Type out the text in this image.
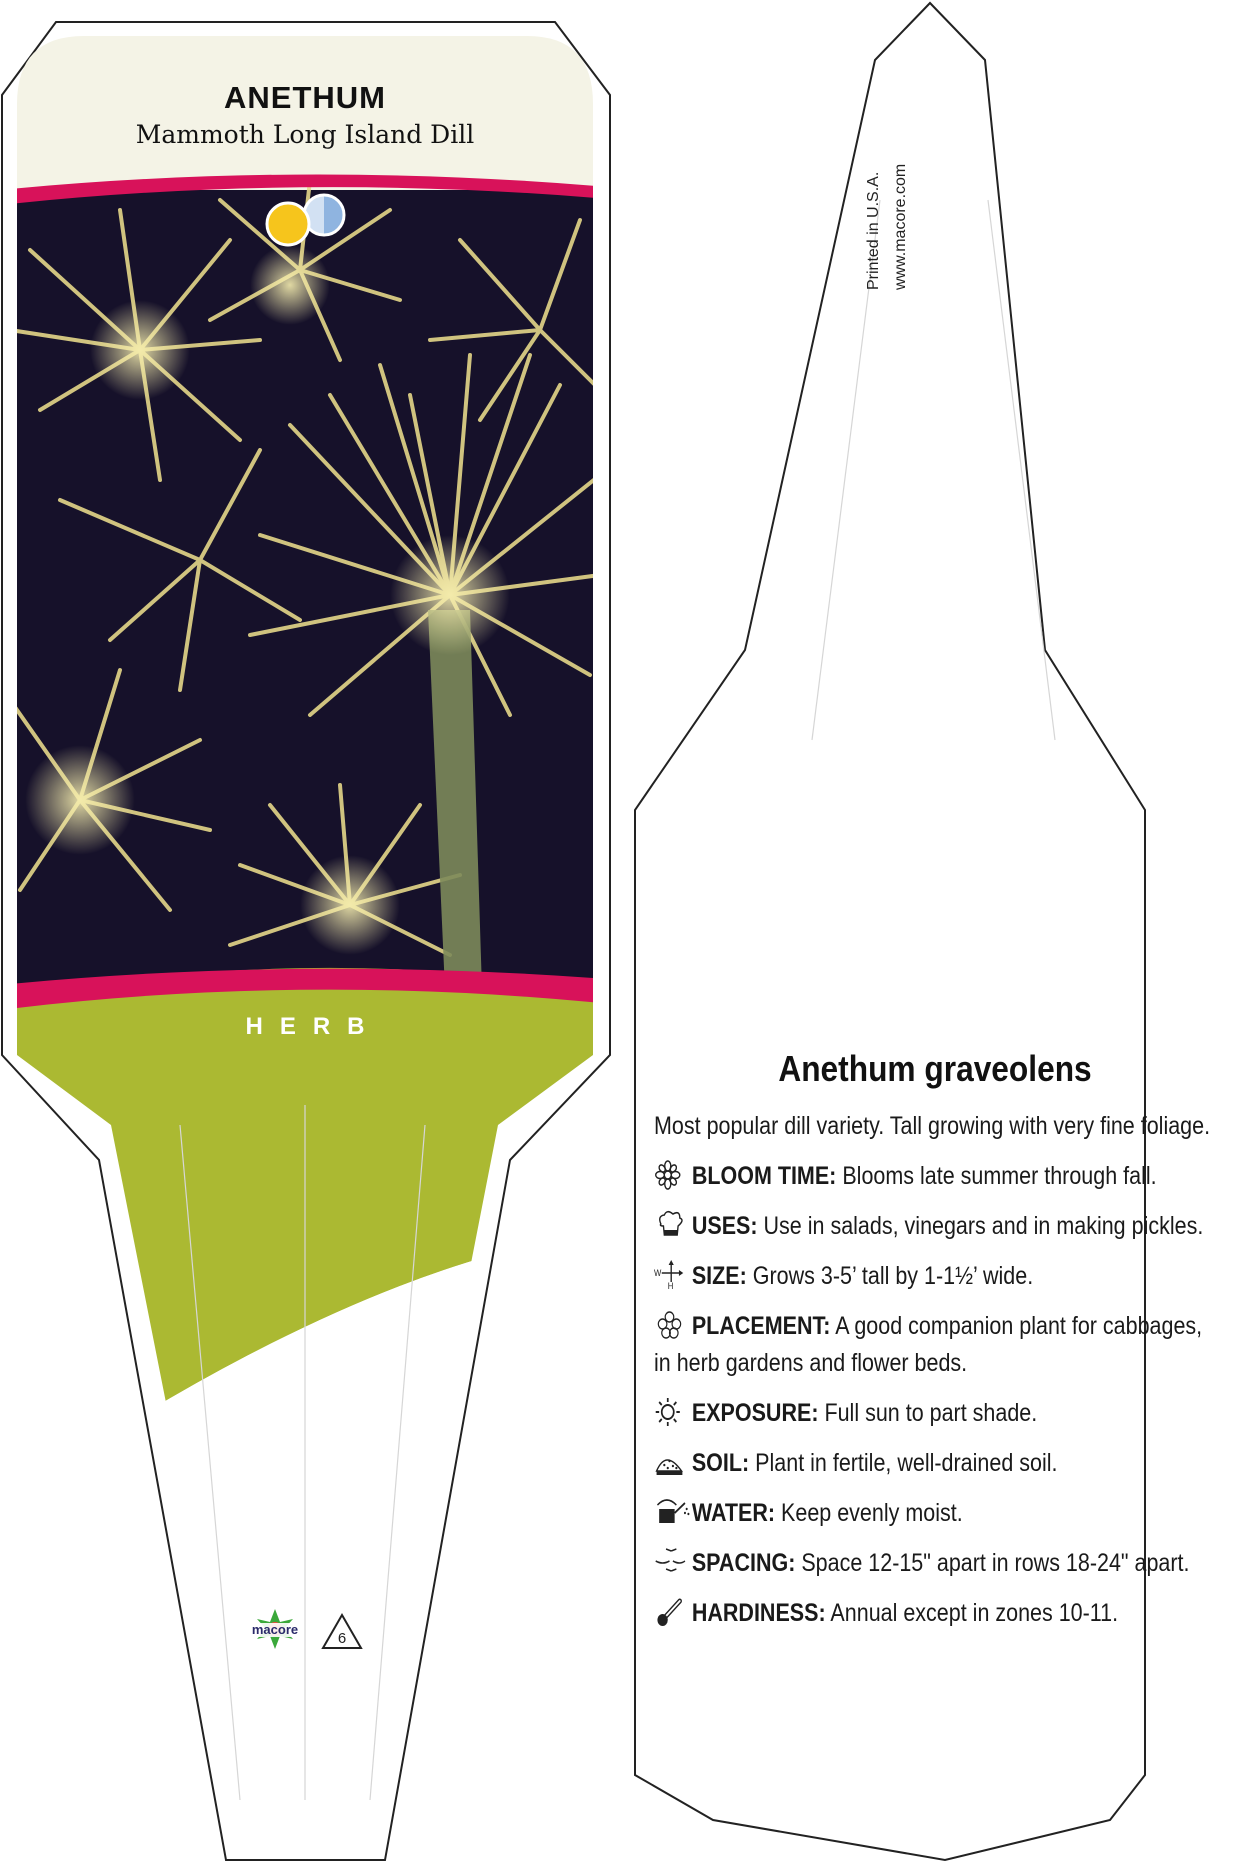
ANETHUM
Mammoth Long Island Dill
HERB
macore
6
Printed in U.S.A. www.macore.com
Anethum graveolens

Most popular dill variety. Tall growing with very fine foliage.

BLOOM TIME: Blooms late summer through fall.

USES: Use in salads, vinegars and in making pickles.

W
H SIZE: Grows 3-5’ tall by 1-1½’ wide.

PLACEMENT: A good companion plant for cabbages, in herb gardens and flower beds.

EXPOSURE: Full sun to part shade.

SOIL: Plant in fertile, well-drained soil.

WATER: Keep evenly moist.

SPACING: Space 12-15" apart in rows 18-24" apart.

HARDINESS: Annual except in zones 10-11.
